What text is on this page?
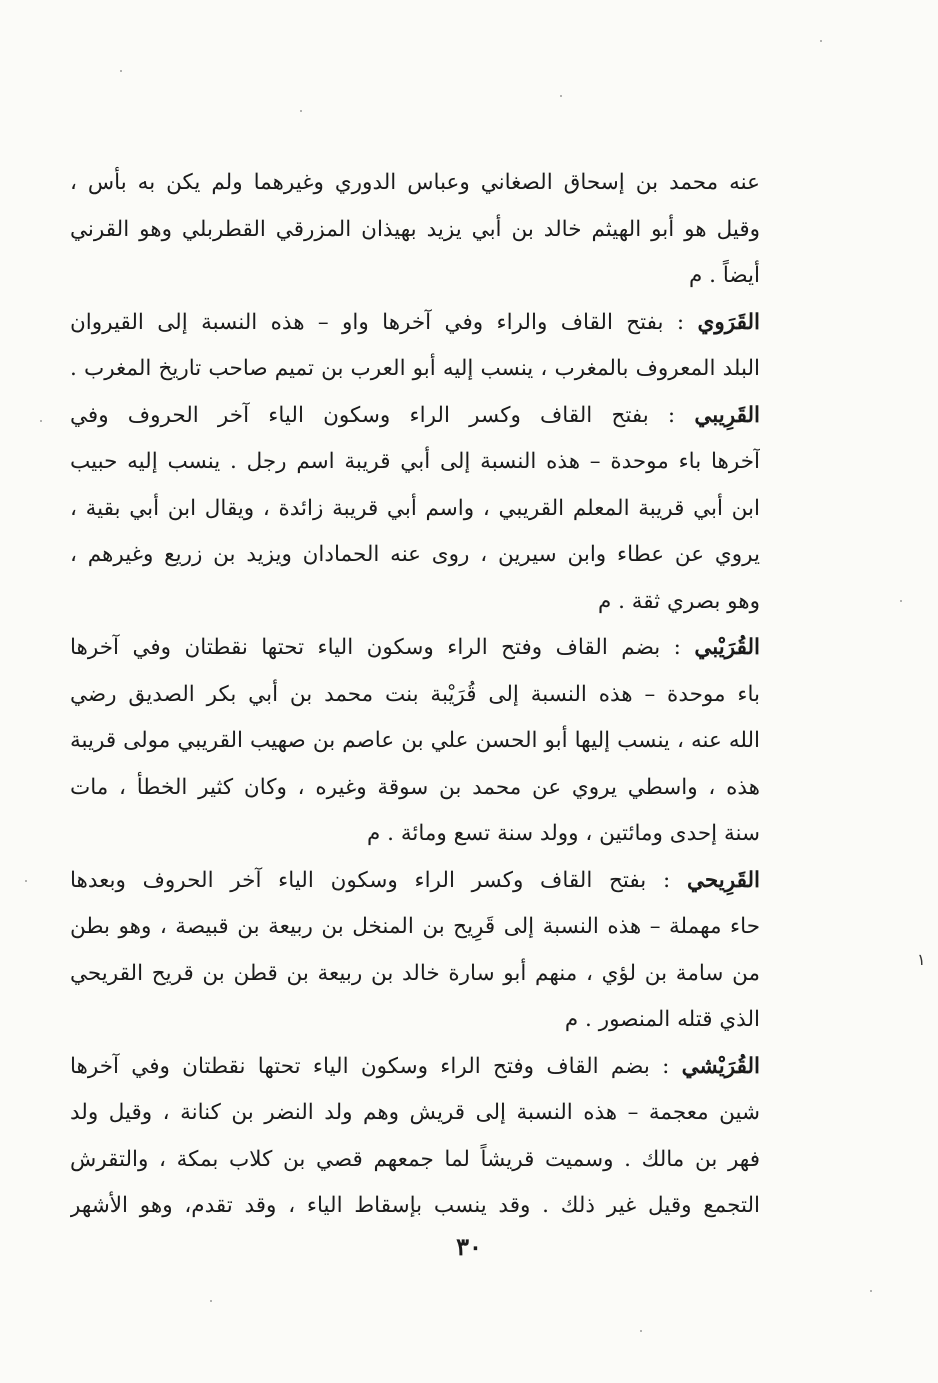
عنه محمد بن إسحاق الصغاني وعباس الدوري وغيرهما ولم يكن به بأس ،
وقيل هو أبو الهيثم خالد بن أبي يزيد بهيذان المزرقي القطربلي وهو القرني
أيضاً . م
القَرَوي : بفتح القاف والراء وفي آخرها واو – هذه النسبة إلى القيروان
البلد المعروف بالمغرب ، ينسب إليه أبو العرب بن تميم صاحب تاريخ المغرب .
القَرِيبي : بفتح القاف وكسر الراء وسكون الياء آخر الحروف وفي
آخرها باء موحدة – هذه النسبة إلى أبي قريبة اسم رجل . ينسب إليه حبيب
ابن أبي قريبة المعلم القريبي ، واسم أبي قريبة زائدة ، ويقال ابن أبي بقية ،
يروي عن عطاء وابن سيرين ، روى عنه الحمادان ويزيد بن زريع وغيرهم ،
وهو بصري ثقة . م
القُرَيْبي : بضم القاف وفتح الراء وسكون الياء تحتها نقطتان وفي آخرها
باء موحدة – هذه النسبة إلى قُرَيْبة بنت محمد بن أبي بكر الصديق رضي
الله عنه ، ينسب إليها أبو الحسن علي بن عاصم بن صهيب القريبي مولى قريبة
هذه ، واسطي يروي عن محمد بن سوقة وغيره ، وكان كثير الخطأ ، مات
سنة إحدى ومائتين ، وولد سنة تسع ومائة . م
القَرِيحي : بفتح القاف وكسر الراء وسكون الياء آخر الحروف وبعدها
حاء مهملة – هذه النسبة إلى قَرِيح بن المنخل بن ربيعة بن قبيصة ، وهو بطن
من سامة بن لؤي ، منهم أبو سارة خالد بن ربيعة بن قطن بن قريح القريحي
الذي قتله المنصور . م
القُرَيْشي : بضم القاف وفتح الراء وسكون الياء تحتها نقطتان وفي آخرها
شين معجمة – هذه النسبة إلى قريش وهم ولد النضر بن كنانة ، وقيل ولد
فهر بن مالك . وسميت قريشاً لما جمعهم قصي بن كلاب بمكة ، والتقرش
التجمع وقيل غير ذلك . وقد ينسب بإسقاط الياء ، وقد تقدم، وهو الأشهر
١
٣٠
